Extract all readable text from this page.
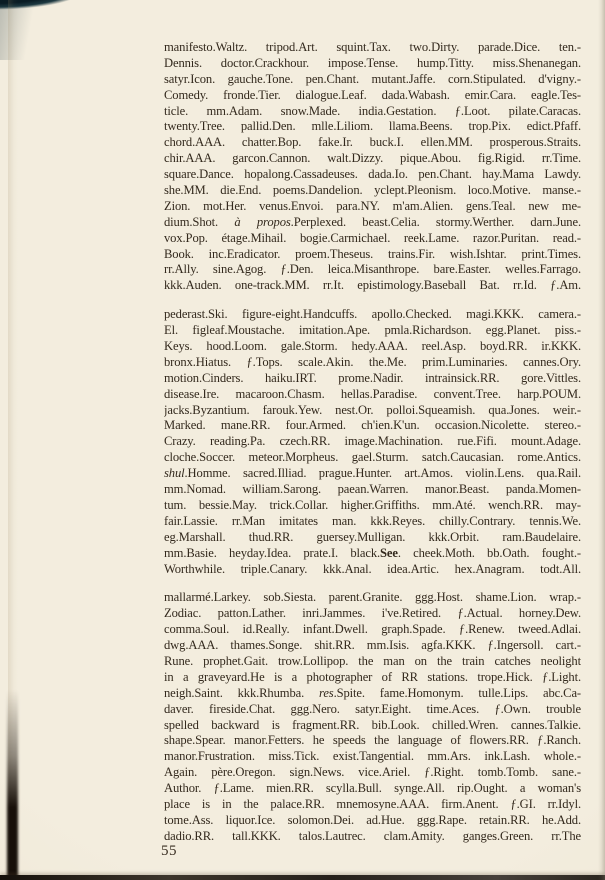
manifesto.Waltz. tripod.Art. squint.Tax. two.Dirty. parade.Dice. ten.-
Dennis. doctor.Crackhour. impose.Tense. hump.Titty. miss.Shenanegan.
satyr.Icon. gauche.Tone. pen.Chant. mutant.Jaffe. corn.Stipulated. d'vigny.-
Comedy. fronde.Tier. dialogue.Leaf. dada.Wabash. emir.Cara. eagle.Tes-
ticle. mm.Adam. snow.Made. india.Gestation. ƒ.Loot. pilate.Caracas.
twenty.Tree. pallid.Den. mlle.Liliom. llama.Beens. trop.Pix. edict.Pfaff.
chord.AAA. chatter.Bop. fake.Ir. buck.I. ellen.MM. prosperous.Straits.
chir.AAA. garcon.Cannon. walt.Dizzy. pique.Abou. fig.Rigid. rr.Time.
square.Dance. hopalong.Cassadeuses. dada.Io. pen.Chant. hay.Mama Lawdy.
she.MM. die.End. poems.Dandelion. yclept.Pleonism. loco.Motive. manse.-
Zion. mot.Her. venus.Envoi. para.NY. m'am.Alien. gens.Teal. new me-
dium.Shot. à propos.Perplexed. beast.Celia. stormy.Werther. darn.June.
vox.Pop. étage.Mihail. bogie.Carmichael. reek.Lame. razor.Puritan. read.-
Book. inc.Eradicator. proem.Theseus. trains.Fir. wish.Ishtar. print.Times.
rr.Ally. sine.Agog. ƒ.Den. leica.Misanthrope. bare.Easter. welles.Farrago.
kkk.Auden. one-track.MM. rr.It. epistimology.Baseball Bat. rr.Id. ƒ.Am.
pederast.Ski. figure-eight.Handcuffs. apollo.Checked. magi.KKK. camera.-
El. figleaf.Moustache. imitation.Ape. pmla.Richardson. egg.Planet. piss.-
Keys. hood.Loom. gale.Storm. hedy.AAA. reel.Asp. boyd.RR. ir.KKK.
bronx.Hiatus. ƒ.Tops. scale.Akin. the.Me. prim.Luminaries. cannes.Ory.
motion.Cinders. haiku.IRT. prome.Nadir. intrainsick.RR. gore.Vittles.
disease.Ire. macaroon.Chasm. hellas.Paradise. convent.Tree. harp.POUM.
jacks.Byzantium. farouk.Yew. nest.Or. polloi.Squeamish. qua.Jones. weir.-
Marked. mane.RR. four.Armed. ch'ien.K'un. occasion.Nicolette. stereo.-
Crazy. reading.Pa. czech.RR. image.Machination. rue.Fifi. mount.Adage.
cloche.Soccer. meteor.Morpheus. gael.Sturm. satch.Caucasian. rome.Antics.
shul.Homme. sacred.Illiad. prague.Hunter. art.Amos. violin.Lens. qua.Rail.
mm.Nomad. william.Sarong. paean.Warren. manor.Beast. panda.Momen-
tum. bessie.May. trick.Collar. higher.Griffiths. mm.Até. wench.RR. may-
fair.Lassie. rr.Man imitates man. kkk.Reyes. chilly.Contrary. tennis.We.
eg.Marshall. thud.RR. guersey.Mulligan. kkk.Orbit. ram.Baudelaire.
mm.Basie. heyday.Idea. prate.I. black.See. cheek.Moth. bb.Oath. fought.-
Worthwhile. triple.Canary. kkk.Anal. idea.Artic. hex.Anagram. todt.All.
mallarmé.Larkey. sob.Siesta. parent.Granite. ggg.Host. shame.Lion. wrap.-
Zodiac. patton.Lather. inri.Jammes. i've.Retired. ƒ.Actual. horney.Dew.
comma.Soul. id.Really. infant.Dwell. graph.Spade. ƒ.Renew. tweed.Adlai.
dwg.AAA. thames.Songe. shit.RR. mm.Isis. agfa.KKK. ƒ.Ingersoll. cart.-
Rune. prophet.Gait. trow.Lollipop. the man on the train catches neolight
in a graveyard.He is a photographer of RR stations. trope.Hick. ƒ.Light.
neigh.Saint. kkk.Rhumba. res.Spite. fame.Homonym. tulle.Lips. abc.Ca-
daver. fireside.Chat. ggg.Nero. satyr.Eight. time.Aces. ƒ.Own. trouble
spelled backward is fragment.RR. bib.Look. chilled.Wren. cannes.Talkie.
shape.Spear. manor.Fetters. he speeds the language of flowers.RR. ƒ.Ranch.
manor.Frustration. miss.Tick. exist.Tangential. mm.Ars. ink.Lash. whole.-
Again. père.Oregon. sign.News. vice.Ariel. ƒ.Right. tomb.Tomb. sane.-
Author. ƒ.Lame. mien.RR. scylla.Bull. synge.All. rip.Ought. a woman's
place is in the palace.RR. mnemosyne.AAA. firm.Anent. ƒ.GI. rr.Idyl.
tome.Ass. liquor.Ice. solomon.Dei. ad.Hue. ggg.Rape. retain.RR. he.Add.
dadio.RR. tall.KKK. talos.Lautrec. clam.Amity. ganges.Green. rr.The
55
